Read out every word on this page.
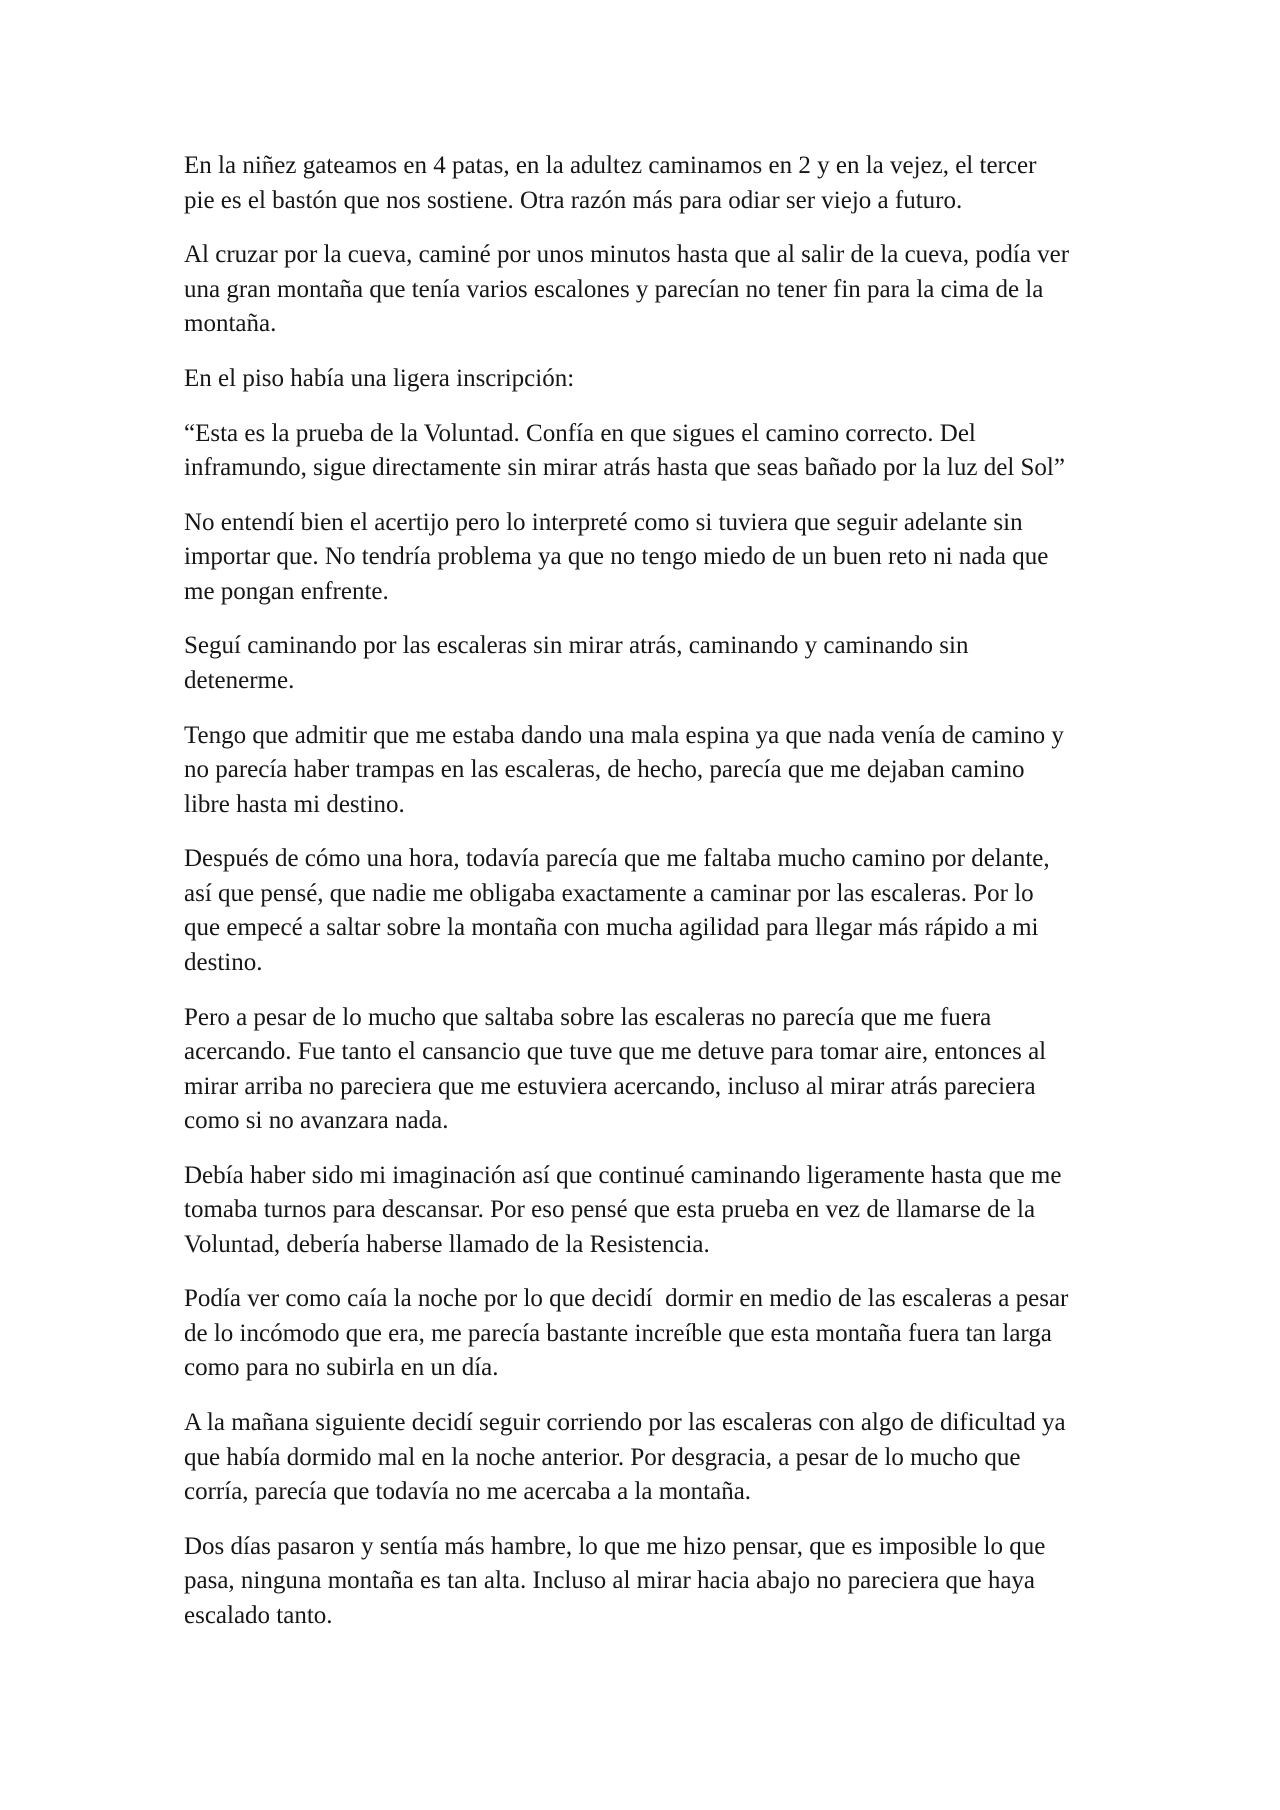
En la niñez gateamos en 4 patas, en la adultez caminamos en 2 y en la vejez, el tercer
pie es el bastón que nos sostiene. Otra razón más para odiar ser viejo a futuro.

Al cruzar por la cueva, caminé por unos minutos hasta que al salir de la cueva, podía ver
una gran montaña que tenía varios escalones y parecían no tener fin para la cima de la
montaña.

En el piso había una ligera inscripción:

“Esta es la prueba de la Voluntad. Confía en que sigues el camino correcto. Del
inframundo, sigue directamente sin mirar atrás hasta que seas bañado por la luz del Sol”

No entendí bien el acertijo pero lo interpreté como si tuviera que seguir adelante sin
importar que. No tendría problema ya que no tengo miedo de un buen reto ni nada que
me pongan enfrente.

Seguí caminando por las escaleras sin mirar atrás, caminando y caminando sin
detenerme.

Tengo que admitir que me estaba dando una mala espina ya que nada venía de camino y
no parecía haber trampas en las escaleras, de hecho, parecía que me dejaban camino
libre hasta mi destino.

Después de cómo una hora, todavía parecía que me faltaba mucho camino por delante,
así que pensé, que nadie me obligaba exactamente a caminar por las escaleras. Por lo
que empecé a saltar sobre la montaña con mucha agilidad para llegar más rápido a mi
destino.

Pero a pesar de lo mucho que saltaba sobre las escaleras no parecía que me fuera
acercando. Fue tanto el cansancio que tuve que me detuve para tomar aire, entonces al
mirar arriba no pareciera que me estuviera acercando, incluso al mirar atrás pareciera
como si no avanzara nada.

Debía haber sido mi imaginación así que continué caminando ligeramente hasta que me
tomaba turnos para descansar. Por eso pensé que esta prueba en vez de llamarse de la
Voluntad, debería haberse llamado de la Resistencia.

Podía ver como caía la noche por lo que decidí  dormir en medio de las escaleras a pesar
de lo incómodo que era, me parecía bastante increíble que esta montaña fuera tan larga
como para no subirla en un día.

A la mañana siguiente decidí seguir corriendo por las escaleras con algo de dificultad ya
que había dormido mal en la noche anterior. Por desgracia, a pesar de lo mucho que
corría, parecía que todavía no me acercaba a la montaña.

Dos días pasaron y sentía más hambre, lo que me hizo pensar, que es imposible lo que
pasa, ninguna montaña es tan alta. Incluso al mirar hacia abajo no pareciera que haya
escalado tanto.
